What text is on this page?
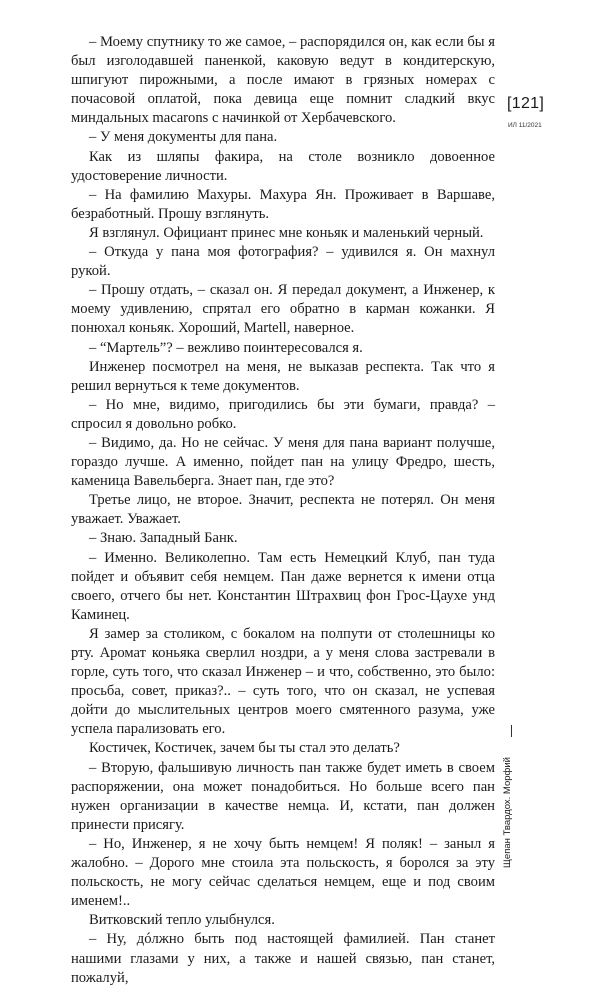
– Моему спутнику то же самое, – распорядился он, как если бы я был изголодавшей паненкой, каковую ведут в кондитерскую, шпигуют пирожными, а после имают в грязных номерах с почасовой оплатой, пока девица еще помнит сладкий вкус миндальных macarons с начинкой от Хербачевского.

– У меня документы для пана.

Как из шляпы факира, на столе возникло довоенное удостоверение личности.

– На фамилию Махуры. Махура Ян. Проживает в Варшаве, безработный. Прошу взглянуть.

Я взглянул. Официант принес мне коньяк и маленький черный.

– Откуда у пана моя фотография? – удивился я. Он махнул рукой.

– Прошу отдать, – сказал он. Я передал документ, а Инженер, к моему удивлению, спрятал его обратно в карман кожанки. Я понюхал коньяк. Хороший, Martell, наверное.

– “Мартель”? – вежливо поинтересовался я.

Инженер посмотрел на меня, не выказав респекта. Так что я решил вернуться к теме документов.

– Но мне, видимо, пригодились бы эти бумаги, правда? – спросил я довольно робко.

– Видимо, да. Но не сейчас. У меня для пана вариант получше, гораздо лучше. А именно, пойдет пан на улицу Фредро, шесть, каменица Вавельберга. Знает пан, где это?

Третье лицо, не второе. Значит, респекта не потерял. Он меня уважает. Уважает.

– Знаю. Западный Банк.

– Именно. Великолепно. Там есть Немецкий Клуб, пан туда пойдет и объявит себя немцем. Пан даже вернется к имени отца своего, отчего бы нет. Константин Штрахвиц фон Грос-Цаухе унд Каминец.

Я замер за столиком, с бокалом на полпути от столешницы ко рту. Аромат коньяка сверлил ноздри, а у меня слова застревали в горле, суть того, что сказал Инженер – и что, собственно, это было: просьба, совет, приказ?.. – суть того, что он сказал, не успевая дойти до мыслительных центров моего смятенного разума, уже успела парализовать его.

Костичек, Костичек, зачем бы ты стал это делать?

– Вторую, фальшивую личность пан также будет иметь в своем распоряжении, она может понадобиться. Но больше всего пан нужен организации в качестве немца. И, кстати, пан должен принести присягу.

– Но, Инженер, я не хочу быть немцем! Я поляк! – заныл я жалобно. – Дорого мне стоила эта польскость, я боролся за эту польскость, не могу сейчас сделаться немцем, еще и под своим именем!..

Витковский тепло улыбнулся.

– Ну, дóлжно быть под настоящей фамилией. Пан станет нашими глазами у них, а также и нашей связью, пан станет, пожалуй,

[121]
ИЛ 11/2021
Щепан Твардох. Морфий
